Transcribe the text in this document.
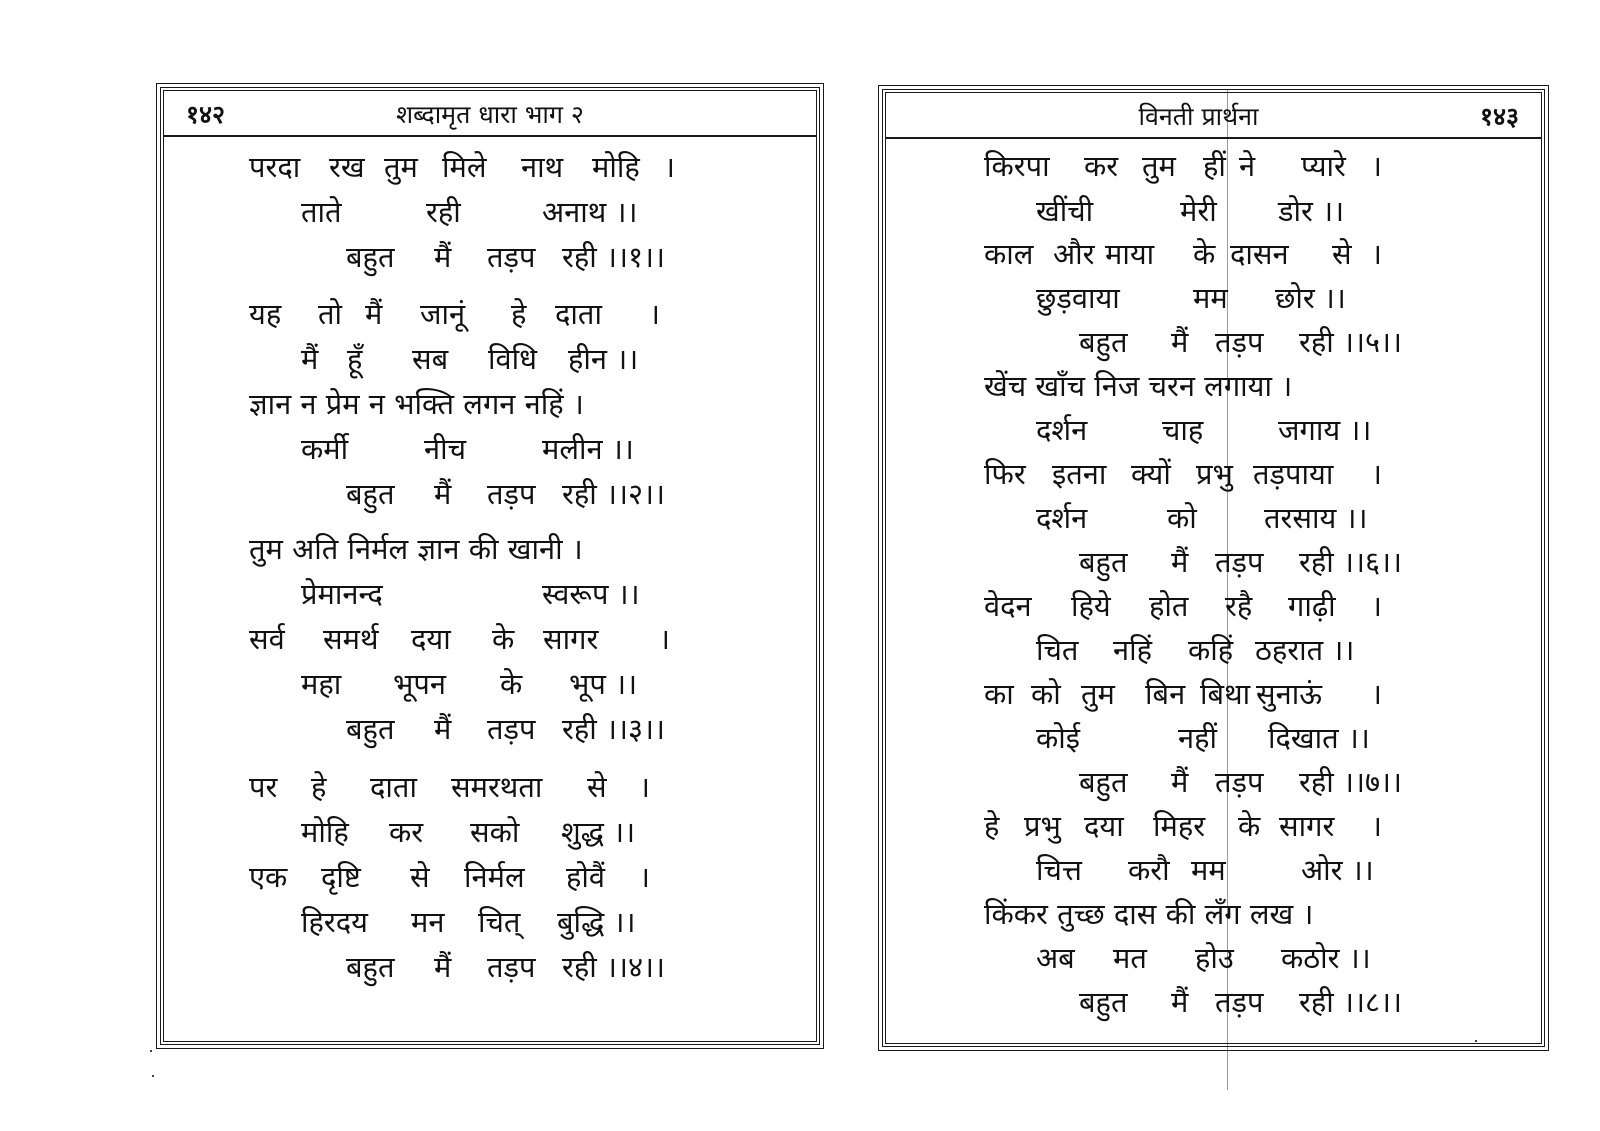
१४२	शब्दामृत धारा भाग २
परदा रख तुम मिले नाथ मोहि ।
ताते	रही	अनाथ ।।
बहुत मैं तड़प रही ।।१।।
यह तो मैं जानूं हे दाता ।
मैं हूँ सब विधि हीन ।।
ज्ञान न प्रेम न भक्ति लगन नहिं ।
कर्मी	नीच	मलीन ।।
बहुत मैं तड़प रही ।।२।।
तुम अति निर्मल ज्ञान की खानी ।
प्रेमानन्द	स्वरूप ।।
सर्व समर्थ दया के सागर ।
महा भूपन के भूप ।।
बहुत मैं तड़प रही ।।३।।
पर हे दाता समरथता से ।
मोहि कर सको शुद्ध ।।
एक दृष्टि से निर्मल होवैं ।
हिरदय मन चित् बुद्धि ।।
बहुत मैं तड़प रही ।।४।।
विनती प्रार्थना	१४३
किरपा कर तुम हीं ने प्यारे ।
खींची	मेरी डोर ।।
काल और माया के दासन से ।
छुड़वाया	मम छोर ।।
बहुत मैं तड़प रही ।।५।।
खेंच खाँच निज चरन लगाया ।
दर्शन	चाह	जगाय ।।
फिर इतना क्यों प्रभु तड़पाया ।
दर्शन	को तरसाय ।।
बहुत मैं तड़प रही ।।६।।
वेदन हिये होत रहै गाढ़ी ।
चित नहिं कहिं ठहरात ।।
का को तुम बिन बिथा सुनाऊं ।
कोई	नहीं दिखात ।।
बहुत मैं तड़प रही ।।७।।
हे प्रभु दया मिहर के सागर ।
चित्त करौ मम	ओर ।।
किंकर तुच्छ दास की लँग लख ।
अब मत होउ कठोर ।।
बहुत मैं तड़प रही ।।८।।
